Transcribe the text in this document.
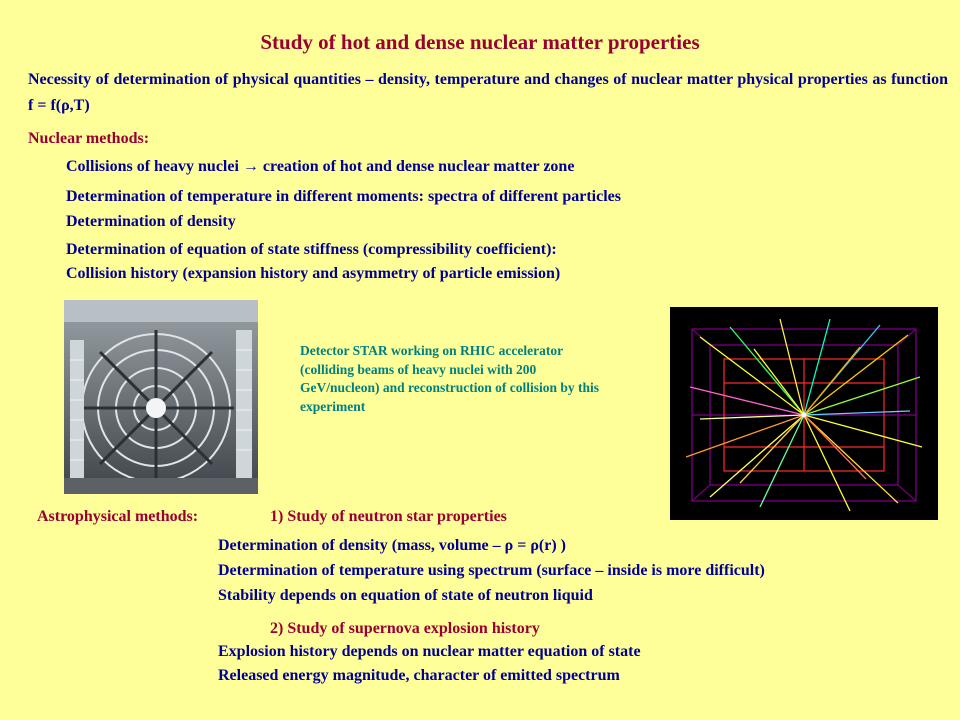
Study of hot and dense nuclear matter properties
Necessity of determination of physical quantities – density, temperature and changes of nuclear matter physical properties as function f = f(ρ,T)
Nuclear methods:
Collisions of heavy nuclei → creation of hot and dense nuclear matter zone
Determination of temperature in different moments: spectra of different particles
Determination of density
Determination of equation of state stiffness (compressibility coefficient):
Collision history (expansion history and asymmetry of particle emission)
Detector STAR working on RHIC accelerator (colliding beams of heavy nuclei with 200 GeV/nucleon) and reconstruction of collision by this experiment
Astrophysical methods:	1) Study of neutron star properties
Determination of density (mass, volume – ρ = ρ(r) )
Determination of temperature using spectrum (surface – inside is more difficult)
Stability depends on equation of state of neutron liquid
2) Study of supernova explosion history
Explosion history depends on nuclear matter equation of state
Released energy magnitude, character of emitted spectrum
